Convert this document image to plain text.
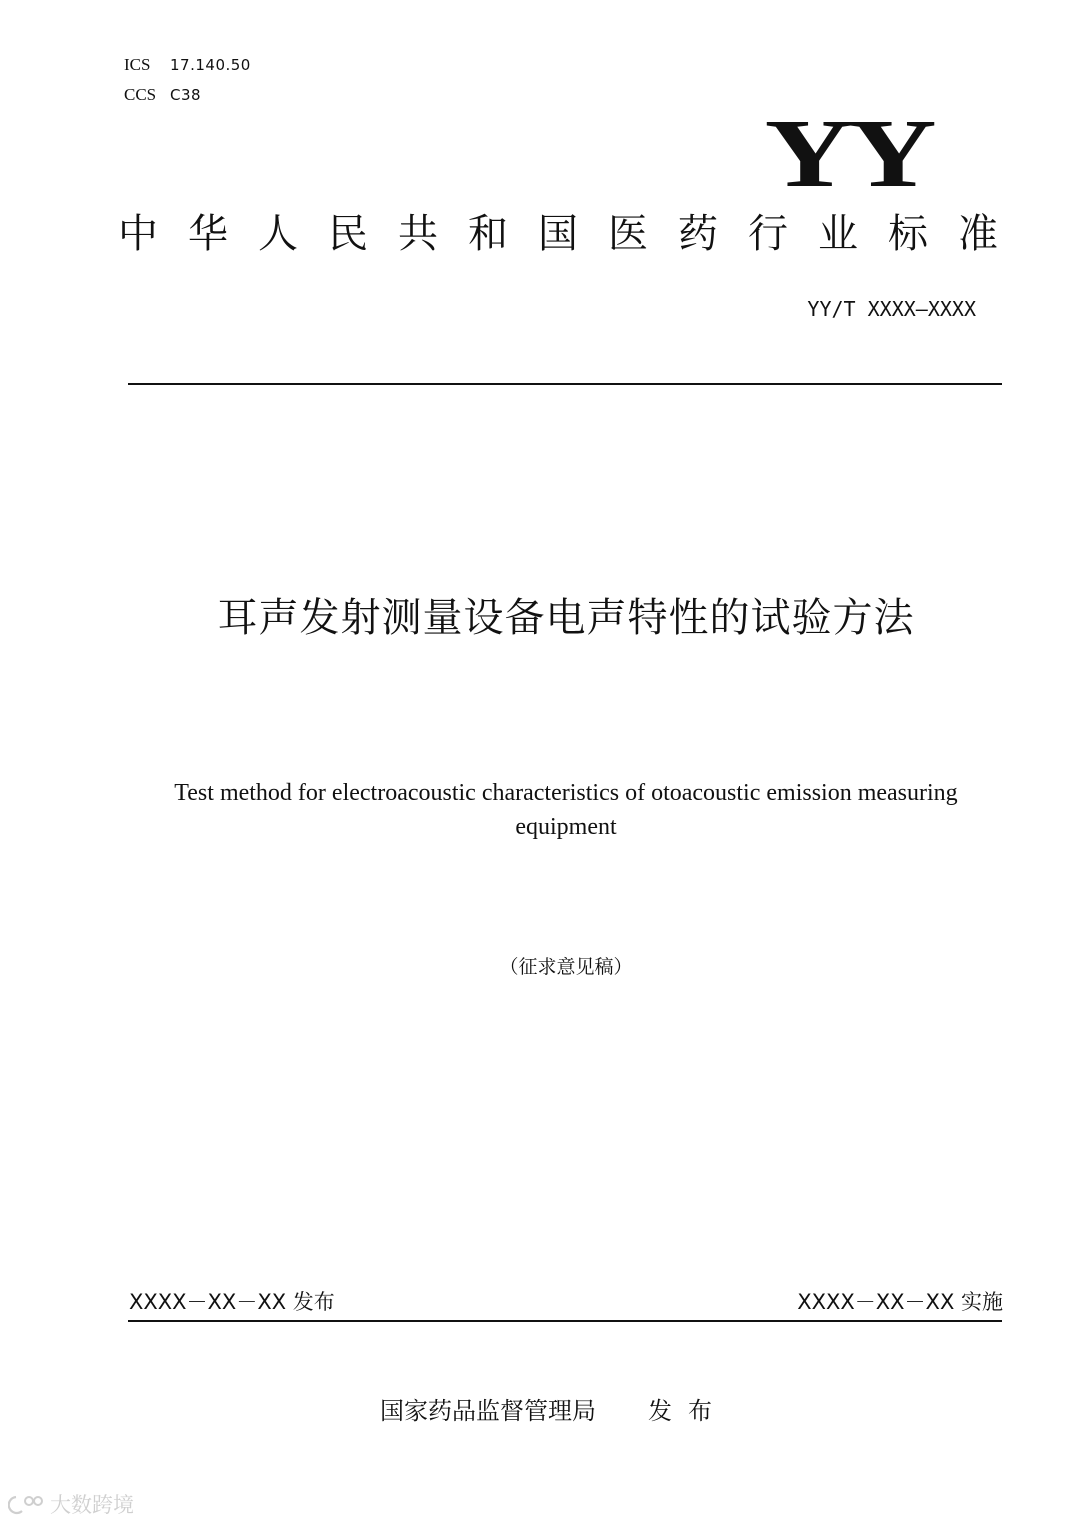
ICS	17.140.50
CCS C38
YY
中 华 人 民 共 和 国 医 药 行 业 标 准
YY/T XXXX—XXXX
耳声发射测量设备电声特性的试验方法
Test method for electroacoustic characteristics of otoacoustic emission measuring equipment
（征求意见稿）
XXXX－XX－XX 发布	XXXX－XX－XX 实施
国家药品监督管理局 发布
大数跨境
